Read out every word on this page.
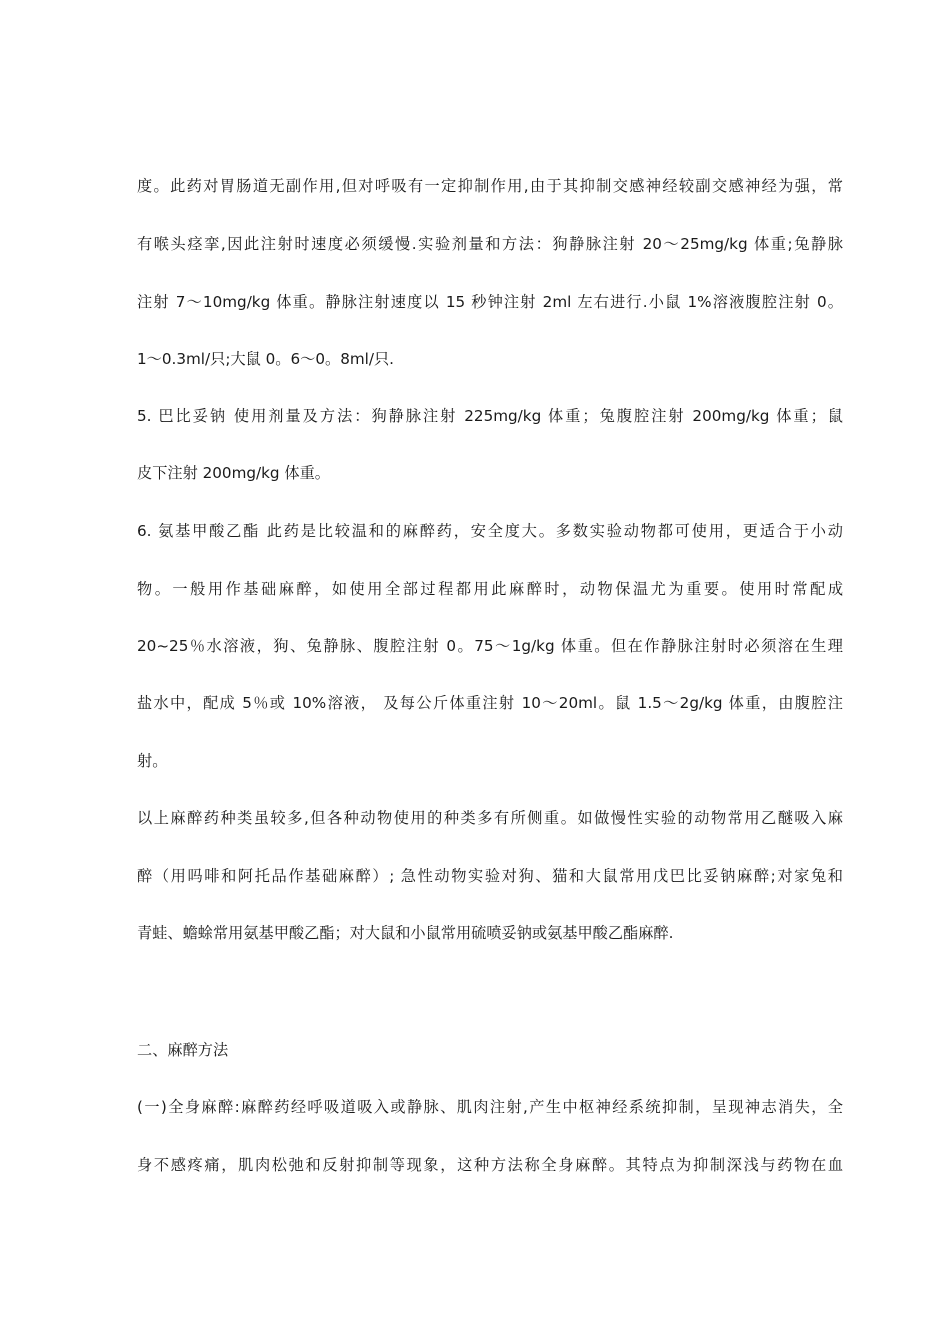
度。此药对胃肠道无副作用,但对呼吸有一定抑制作用,由于其抑制交感神经较副交感神经为强，常
有喉头痉挛,因此注射时速度必须缓慢.实验剂量和方法：狗静脉注射 20～25mg/kg 体重;兔静脉
注射 7～10mg/kg 体重。静脉注射速度以 15 秒钟注射 2ml 左右进行.小鼠 1%溶液腹腔注射 0。
1～0.3ml/只;大鼠 0。6～0。8ml/只.
5. 巴比妥钠 使用剂量及方法：狗静脉注射 225mg/kg 体重；兔腹腔注射 200mg/kg 体重；鼠
皮下注射 200mg/kg 体重。
6. 氨基甲酸乙酯 此药是比较温和的麻醉药，安全度大。多数实验动物都可使用，更适合于小动
物。一般用作基础麻醉，如使用全部过程都用此麻醉时，动物保温尤为重要。使用时常配成
20~25％水溶液，狗、兔静脉、腹腔注射 0。75～1g/kg 体重。但在作静脉注射时必须溶在生理
盐水中，配成 5％或 10%溶液， 及每公斤体重注射 10～20ml。鼠 1.5～2g/kg 体重，由腹腔注
射。
以上麻醉药种类虽较多,但各种动物使用的种类多有所侧重。如做慢性实验的动物常用乙醚吸入麻
醉（用吗啡和阿托品作基础麻醉）; 急性动物实验对狗、猫和大鼠常用戊巴比妥钠麻醉;对家兔和
青蛙、蟾蜍常用氨基甲酸乙酯；对大鼠和小鼠常用硫喷妥钠或氨基甲酸乙酯麻醉.
二、麻醉方法
(一)全身麻醉:麻醉药经呼吸道吸入或静脉、肌肉注射,产生中枢神经系统抑制，呈现神志消失，全
身不感疼痛，肌肉松弛和反射抑制等现象，这种方法称全身麻醉。其特点为抑制深浅与药物在血
